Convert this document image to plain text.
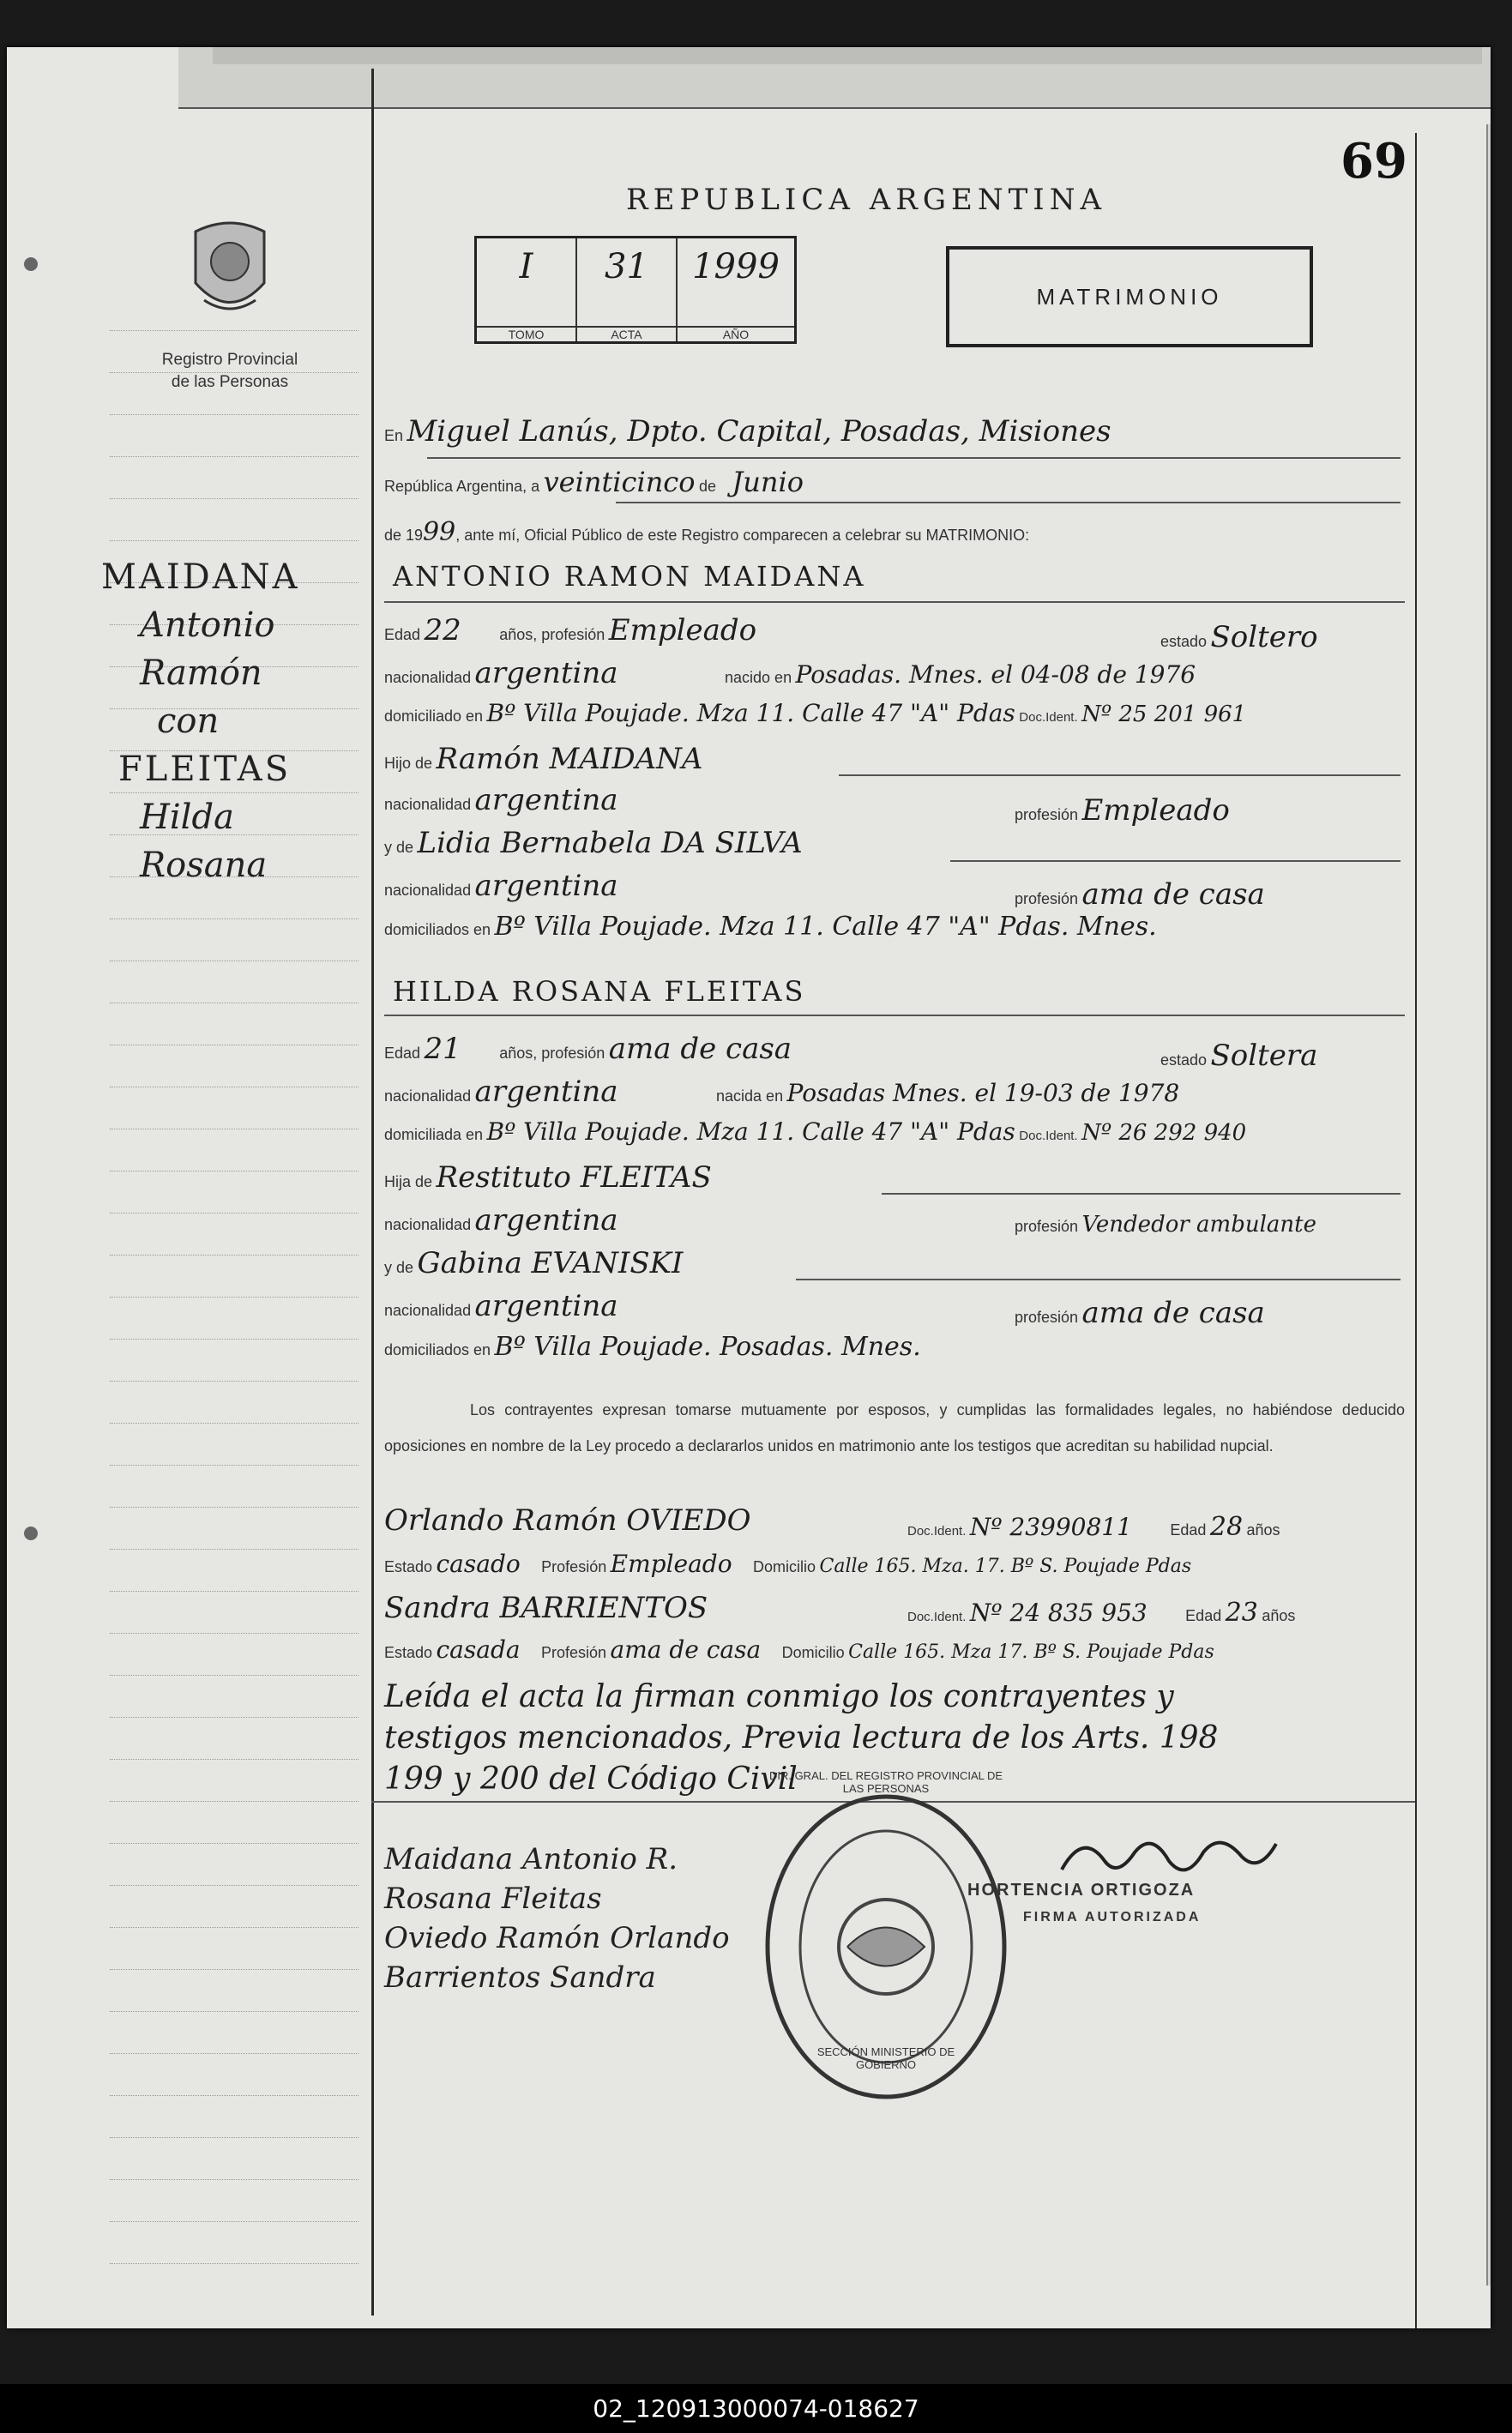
69
Registro Provincial
de las Personas
MAIDANA
Antonio
Ramón
con
FLEITAS
Hilda
Rosana
REPUBLICA ARGENTINA
I
TOMO
31
ACTA
1999
AÑO
MATRIMONIO
En Miguel Lanús, Dpto. Capital, Posadas, Misiones
República Argentina, a veinticinco de Junio
de 1999, ante mí, Oficial Público de este Registro comparecen a celebrar su MATRIMONIO:
ANTONIO RAMON MAIDANA
Edad 22 años, profesión Empleado	estado Soltero
nacionalidad argentina	nacido en Posadas. Mnes. el 04-08 de 1976
domiciliado en Bº Villa Poujade. Mza 11. Calle 47 "A" Pdas Doc.Ident. Nº 25 201 961
Hijo de Ramón MAIDANA
nacionalidad argentina	profesión Empleado
y de Lidia Bernabela DA SILVA
nacionalidad argentina	profesión ama de casa
domiciliados en Bº Villa Poujade. Mza 11. Calle 47 "A" Pdas. Mnes.
HILDA ROSANA FLEITAS
Edad 21 años, profesión ama de casa	estado Soltera
nacionalidad argentina	nacida en Posadas Mnes. el 19-03 de 1978
domiciliada en Bº Villa Poujade. Mza 11. Calle 47 "A" Pdas Doc.Ident. Nº 26 292 940
Hija de Restituto FLEITAS
nacionalidad argentina	profesión Vendedor ambulante
y de Gabina EVANISKI
nacionalidad argentina	profesión ama de casa
domiciliados en Bº Villa Poujade. Posadas. Mnes.
Los contrayentes expresan tomarse mutuamente por esposos, y cumplidas las formalidades legales, no habiéndose deducido oposiciones en nombre de la Ley procedo a declararlos unidos en matrimonio ante los testigos que acreditan su habilidad nupcial.
Orlando Ramón OVIEDO	Doc.Ident. Nº 23990811 Edad 28 años
Estado casado Profesión Empleado Domicilio Calle 165. Mza. 17. Bº S. Poujade Pdas
Sandra BARRIENTOS	Doc.Ident. Nº 24 835 953 Edad 23 años
Estado casada Profesión ama de casa Domicilio Calle 165. Mza 17. Bº S. Poujade Pdas
Leída el acta la firman conmigo los contrayentes y
testigos mencionados, Previa lectura de los Arts. 198
199 y 200 del Código Civil
Maidana Antonio R.
Rosana Fleitas
Oviedo Ramón Orlando
Barrientos Sandra
DIR. GRAL. DEL REGISTRO PROVINCIAL DE LAS PERSONAS
SECCIÓN MINISTERIO DE GOBIERNO
HORTENCIA ORTIGOZA
FIRMA AUTORIZADA
02_120913000074-018627
